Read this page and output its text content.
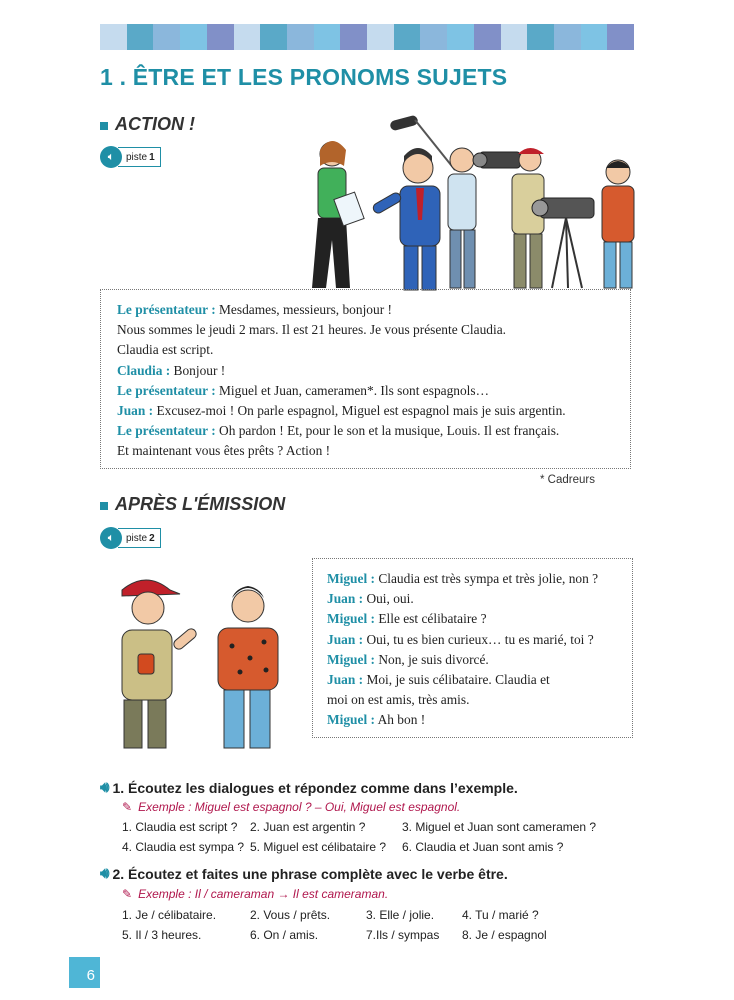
1 . ÊTRE ET LES PRONOMS SUJETS
ACTION !
🔈︎	piste 1
Le présentateur : Mesdames, messieurs, bonjour !
Nous sommes le jeudi 2 mars. Il est 21 heures. Je vous présente Claudia.
Claudia est script.
Claudia : Bonjour !
Le présentateur : Miguel et Juan, cameramen*. Ils sont espagnols…
Juan : Excusez-moi ! On parle espagnol, Miguel est espagnol mais je suis argentin.
Le présentateur : Oh pardon ! Et, pour le son et la musique, Louis. Il est français.
Et maintenant vous êtes prêts ? Action !
* Cadreurs
APRÈS L'ÉMISSION
🔈︎	piste 2
Miguel : Claudia est très sympa et très jolie, non ?
Juan : Oui, oui.
Miguel : Elle est célibataire ?
Juan : Oui, tu es bien curieux… tu es marié, toi ?
Miguel : Non, je suis divorcé.
Juan : Moi, je suis célibataire. Claudia et
moi on est amis, très amis.
Miguel : Ah bon !
🔊︎ 1. Écoutez les dialogues et répondez comme dans l’exemple.
✎ Exemple : Miguel est espagnol ? – Oui, Miguel est espagnol.
1. Claudia est script ? 2. Juan est argentin ?	3. Miguel et Juan sont cameramen ?
4. Claudia est sympa ? 5. Miguel est célibataire ? 6. Claudia et Juan sont amis ?
🔊︎ 2. Écoutez et faites une phrase complète avec le verbe être.
✎ Exemple : Il / cameraman → Il est cameraman.
1. Je / célibataire.	2. Vous / prêts.	3. Elle / jolie. 4. Tu / marié ?
5. Il / 3 heures.	6. On / amis.	7.Ils / sympas 8. Je / espagnol
6
